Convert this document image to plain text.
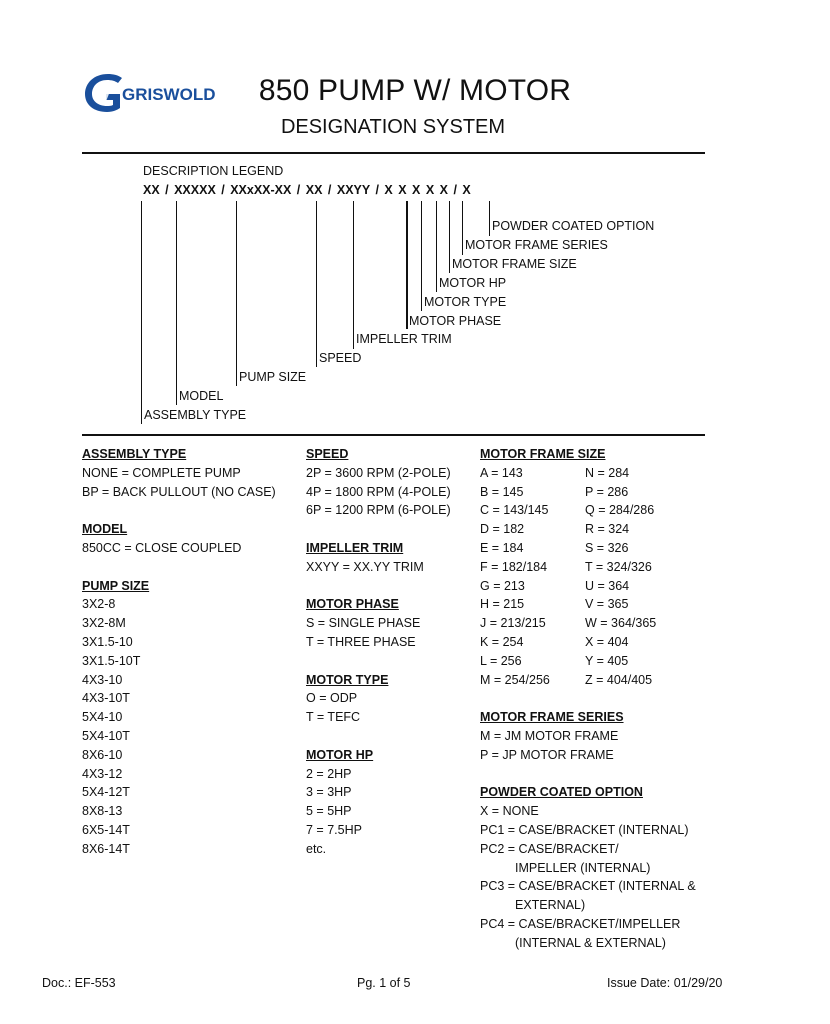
GRISWOLD	850 PUMP W/ MOTOR
DESIGNATION SYSTEM
DESCRIPTION LEGEND
XX / XXXXX / XXxXX-XX / XX / XXYY / X X X X X / X
POWDER COATED OPTION
MOTOR FRAME SERIES
MOTOR FRAME SIZE
MOTOR HP
MOTOR TYPE
MOTOR PHASE
IMPELLER TRIM
SPEED
PUMP SIZE
MODEL
ASSEMBLY TYPE
ASSEMBLY TYPE
NONE = COMPLETE PUMP
BP = BACK PULLOUT (NO CASE)
MODEL
850CC = CLOSE COUPLED
PUMP SIZE
3X2-8
3X2-8M
3X1.5-10
3X1.5-10T
4X3-10
4X3-10T
5X4-10
5X4-10T
8X6-10
4X3-12
5X4-12T
8X8-13
6X5-14T
8X6-14T
SPEED
2P = 3600 RPM (2-POLE)
4P = 1800 RPM (4-POLE)
6P = 1200 RPM (6-POLE)
IMPELLER TRIM
XXYY = XX.YY TRIM
MOTOR PHASE
S = SINGLE PHASE
T = THREE PHASE
MOTOR TYPE
O = ODP
T = TEFC
MOTOR HP
2 = 2HP
3 = 3HP
5 = 5HP
7 = 7.5HP
etc.
MOTOR FRAME SIZE
A = 143	N = 284
B = 145	P = 286
C = 143/145	Q = 284/286
D = 182	R = 324
E = 184	S = 326
F = 182/184	T = 324/326
G = 213	U = 364
H = 215	V = 365
J = 213/215	W = 364/365
K = 254	X = 404
L = 256	Y = 405
M = 254/256	Z = 404/405
MOTOR FRAME SERIES
M = JM MOTOR FRAME
P = JP MOTOR FRAME
POWDER COATED OPTION
X = NONE
PC1 = CASE/BRACKET (INTERNAL)
PC2 = CASE/BRACKET/
IMPELLER (INTERNAL)
PC3 = CASE/BRACKET (INTERNAL &
EXTERNAL)
PC4 = CASE/BRACKET/IMPELLER
(INTERNAL & EXTERNAL)
Doc.: EF-553	Pg. 1 of 5	Issue Date: 01/29/20
